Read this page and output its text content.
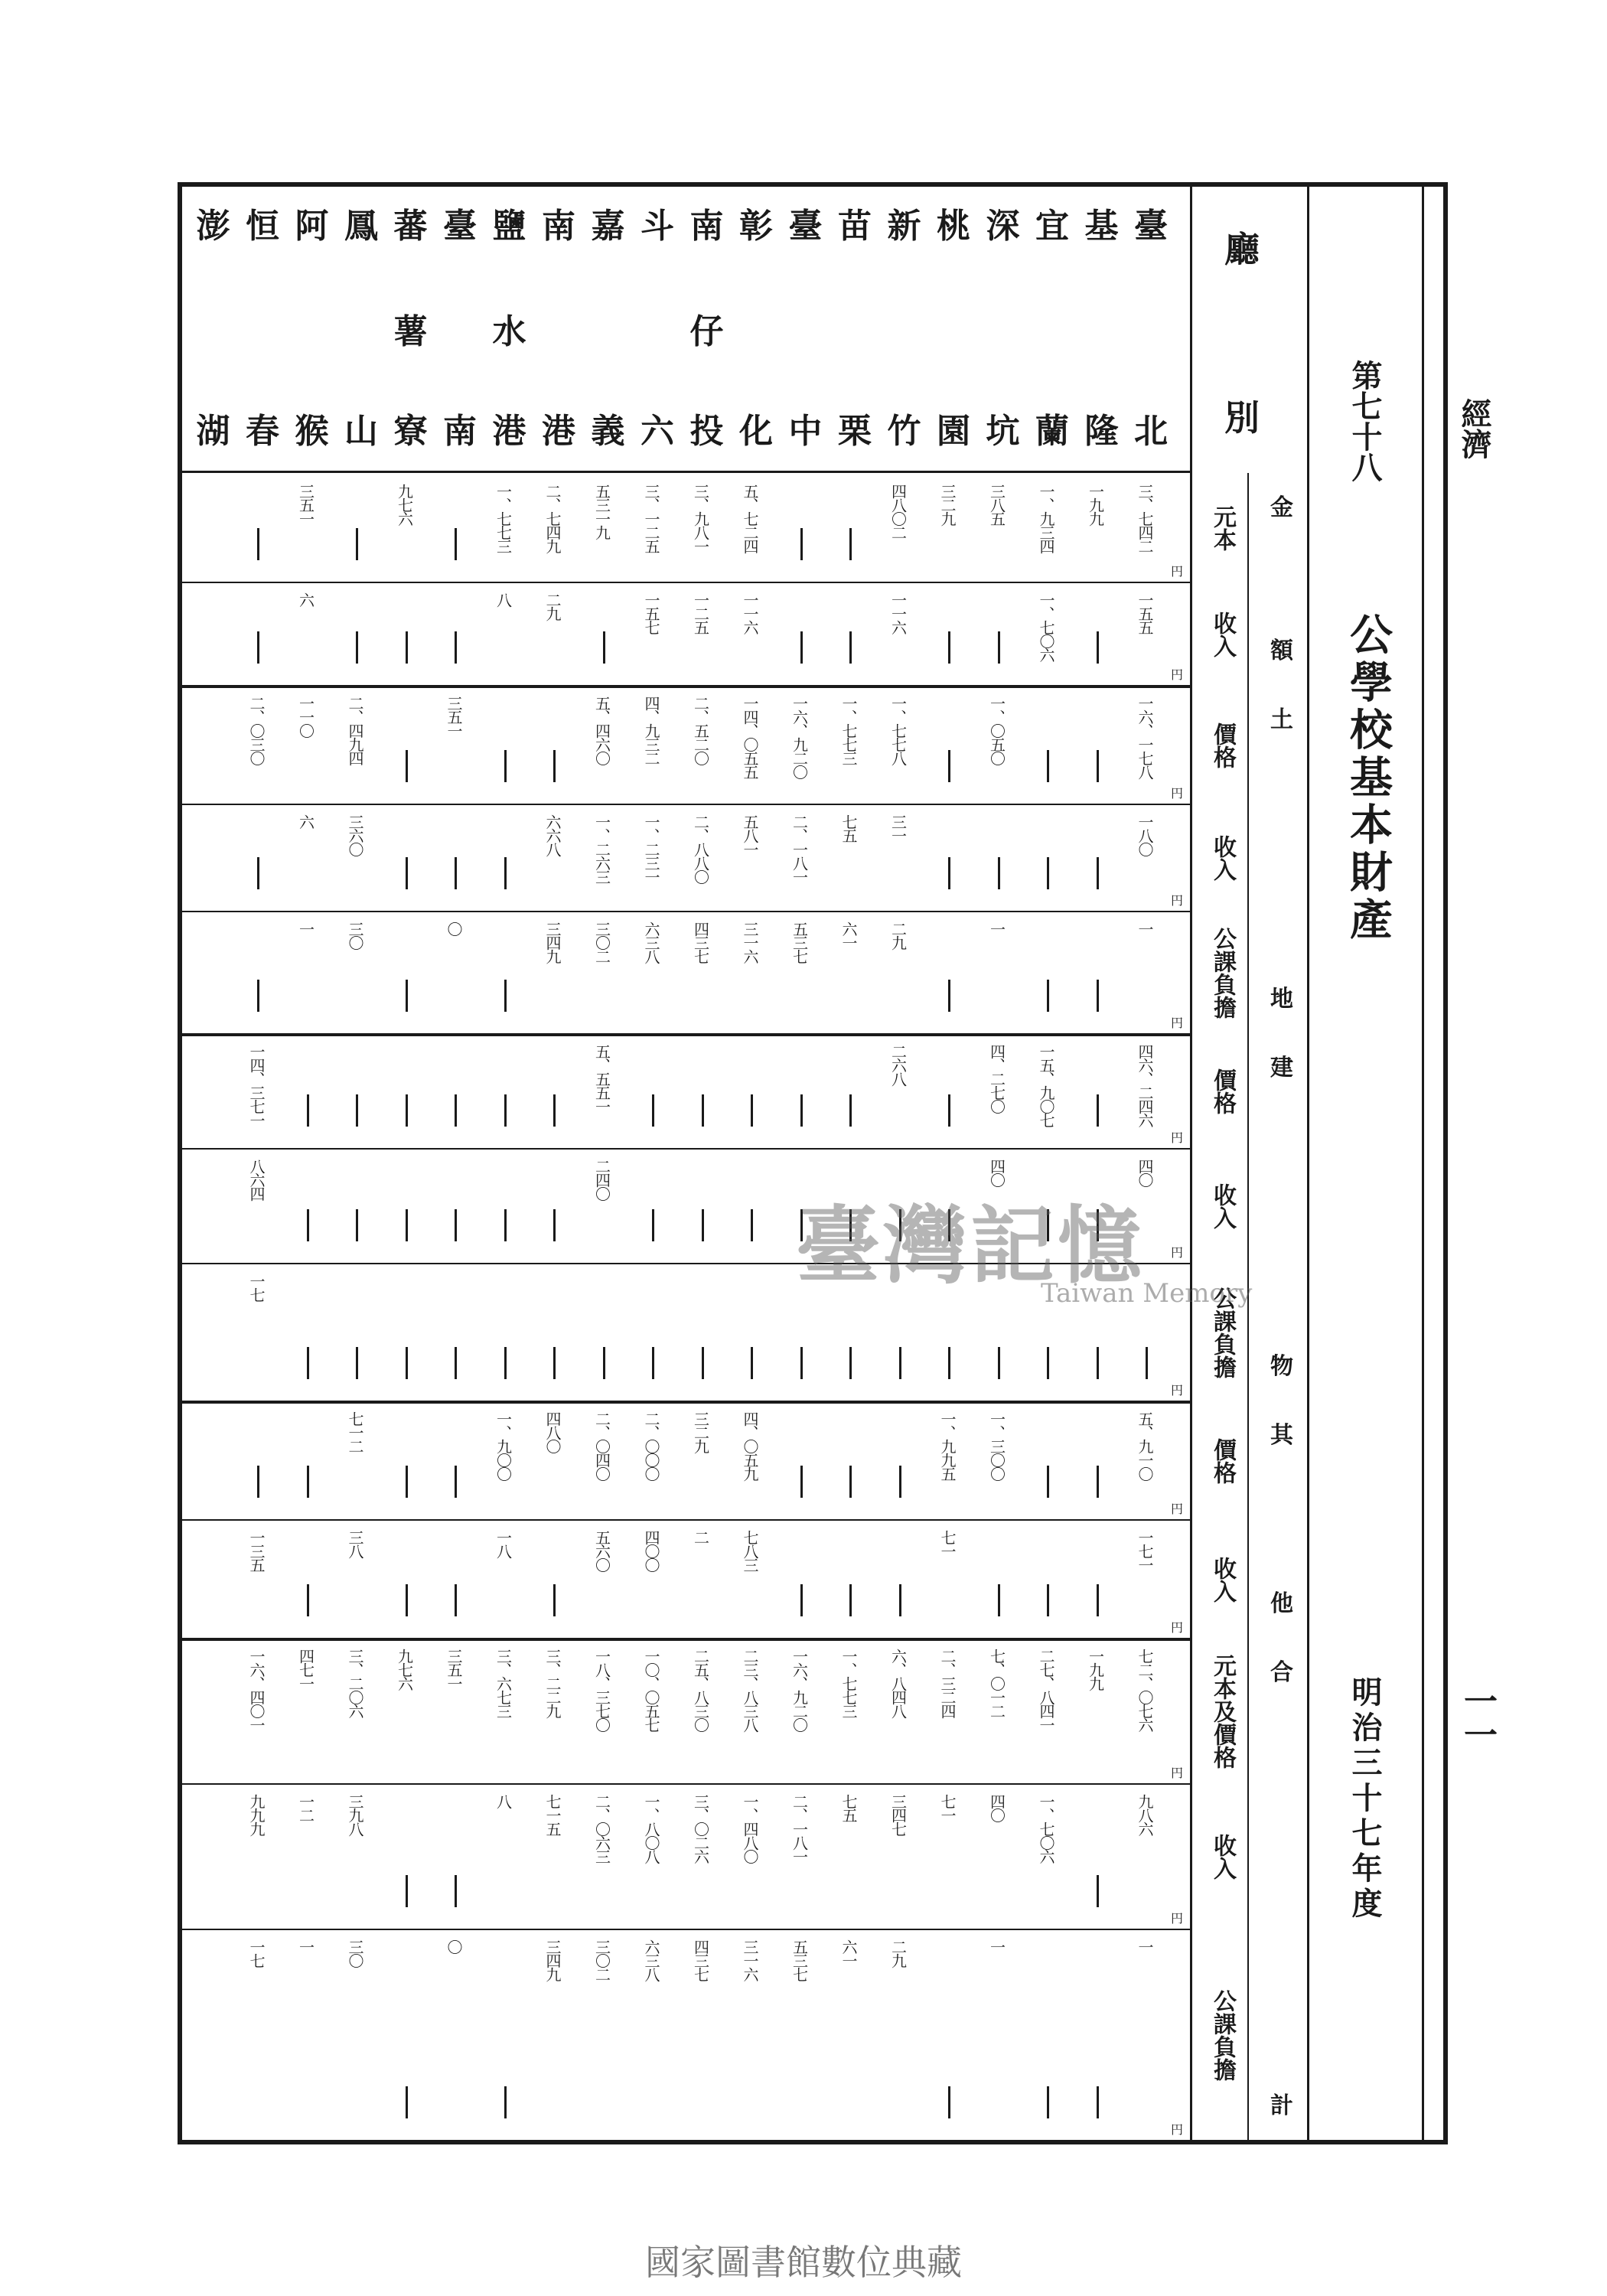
經濟
一一
第七十八
公學校基本財產
明治三十七年度
臺
北
基
隆
宜
蘭
深
坑
桃
園
新
竹
苗
栗
臺
中
彰
化
南
仔
投
斗
六
嘉
義
南
港
鹽
水
港
臺
南
蕃
薯
寮
鳳
山
阿
猴
恒
春
澎
湖
廳
別
金
額
土
地
建
物
其
他
合
計
元本
收入
價格
收入
公課負擔
價格
收入
公課負擔
價格
收入
元本及價格
收入
公課負擔
三、七四二
一五五
一六、一七八
一八〇
一
四六、二四六
四〇
五、九一〇
一七一
七二、〇七六
九八六
一
一九九
一九九
一、九三四
一、七〇六
一五、九〇七
二七、八四一
一、七〇六
三八五
一、〇五〇
一
四、二七〇
四〇
一、三〇〇
七、〇一二
四〇
一
三二九
一、九九五
七一
二、三二四
七一
四八〇二
一一六
一、七七八
三一
二九
二六八
六、八四八
三四七
二九
一、七七三
七五
六一
一、七七三
七五
六一
一六、九二〇
二、一八一
五三七
一六、九二〇
二、一八一
五三七
五、七二四
一一六
一四、〇五五
五八一
三一六
四、〇五九
七八三
二三、八三八
一、四八〇
三一六
三、九八一
一二五
二、五二〇
二、八八〇
四三七
三二九
二
二五、八三〇
三、〇二六
四三七
三、一二五
一五七
四、九三二
一、二三一
六三八
二、〇〇〇
四〇〇
一〇、〇五七
一、八〇八
六三八
五三一九
五、四六〇
一、二六三
三〇二
五、五五一
二四〇
二、〇四〇
五六〇
一八、三七〇
二、〇六三
三〇二
二、七四九
二九
六六八
三四九
四八〇
三、二二九
七一五
三四九
一、七七三
八
一、九〇〇
一八
三、六七三
八
三五一
〇
三五一
〇
九七六
九七六
二、四九四
三六〇
三〇
七一二
三八
三、二〇六
三九八
三〇
三五一
六
一一〇
六
一
四七一
一二
一
二、〇三〇
一四、三七一
八六四
一七
一三五
一六、四〇一
九九九
一七
円
円
円
円
円
円
円
円
円
円
円
円
円
臺灣記憶
Taiwan Memory
國家圖書館數位典藏
